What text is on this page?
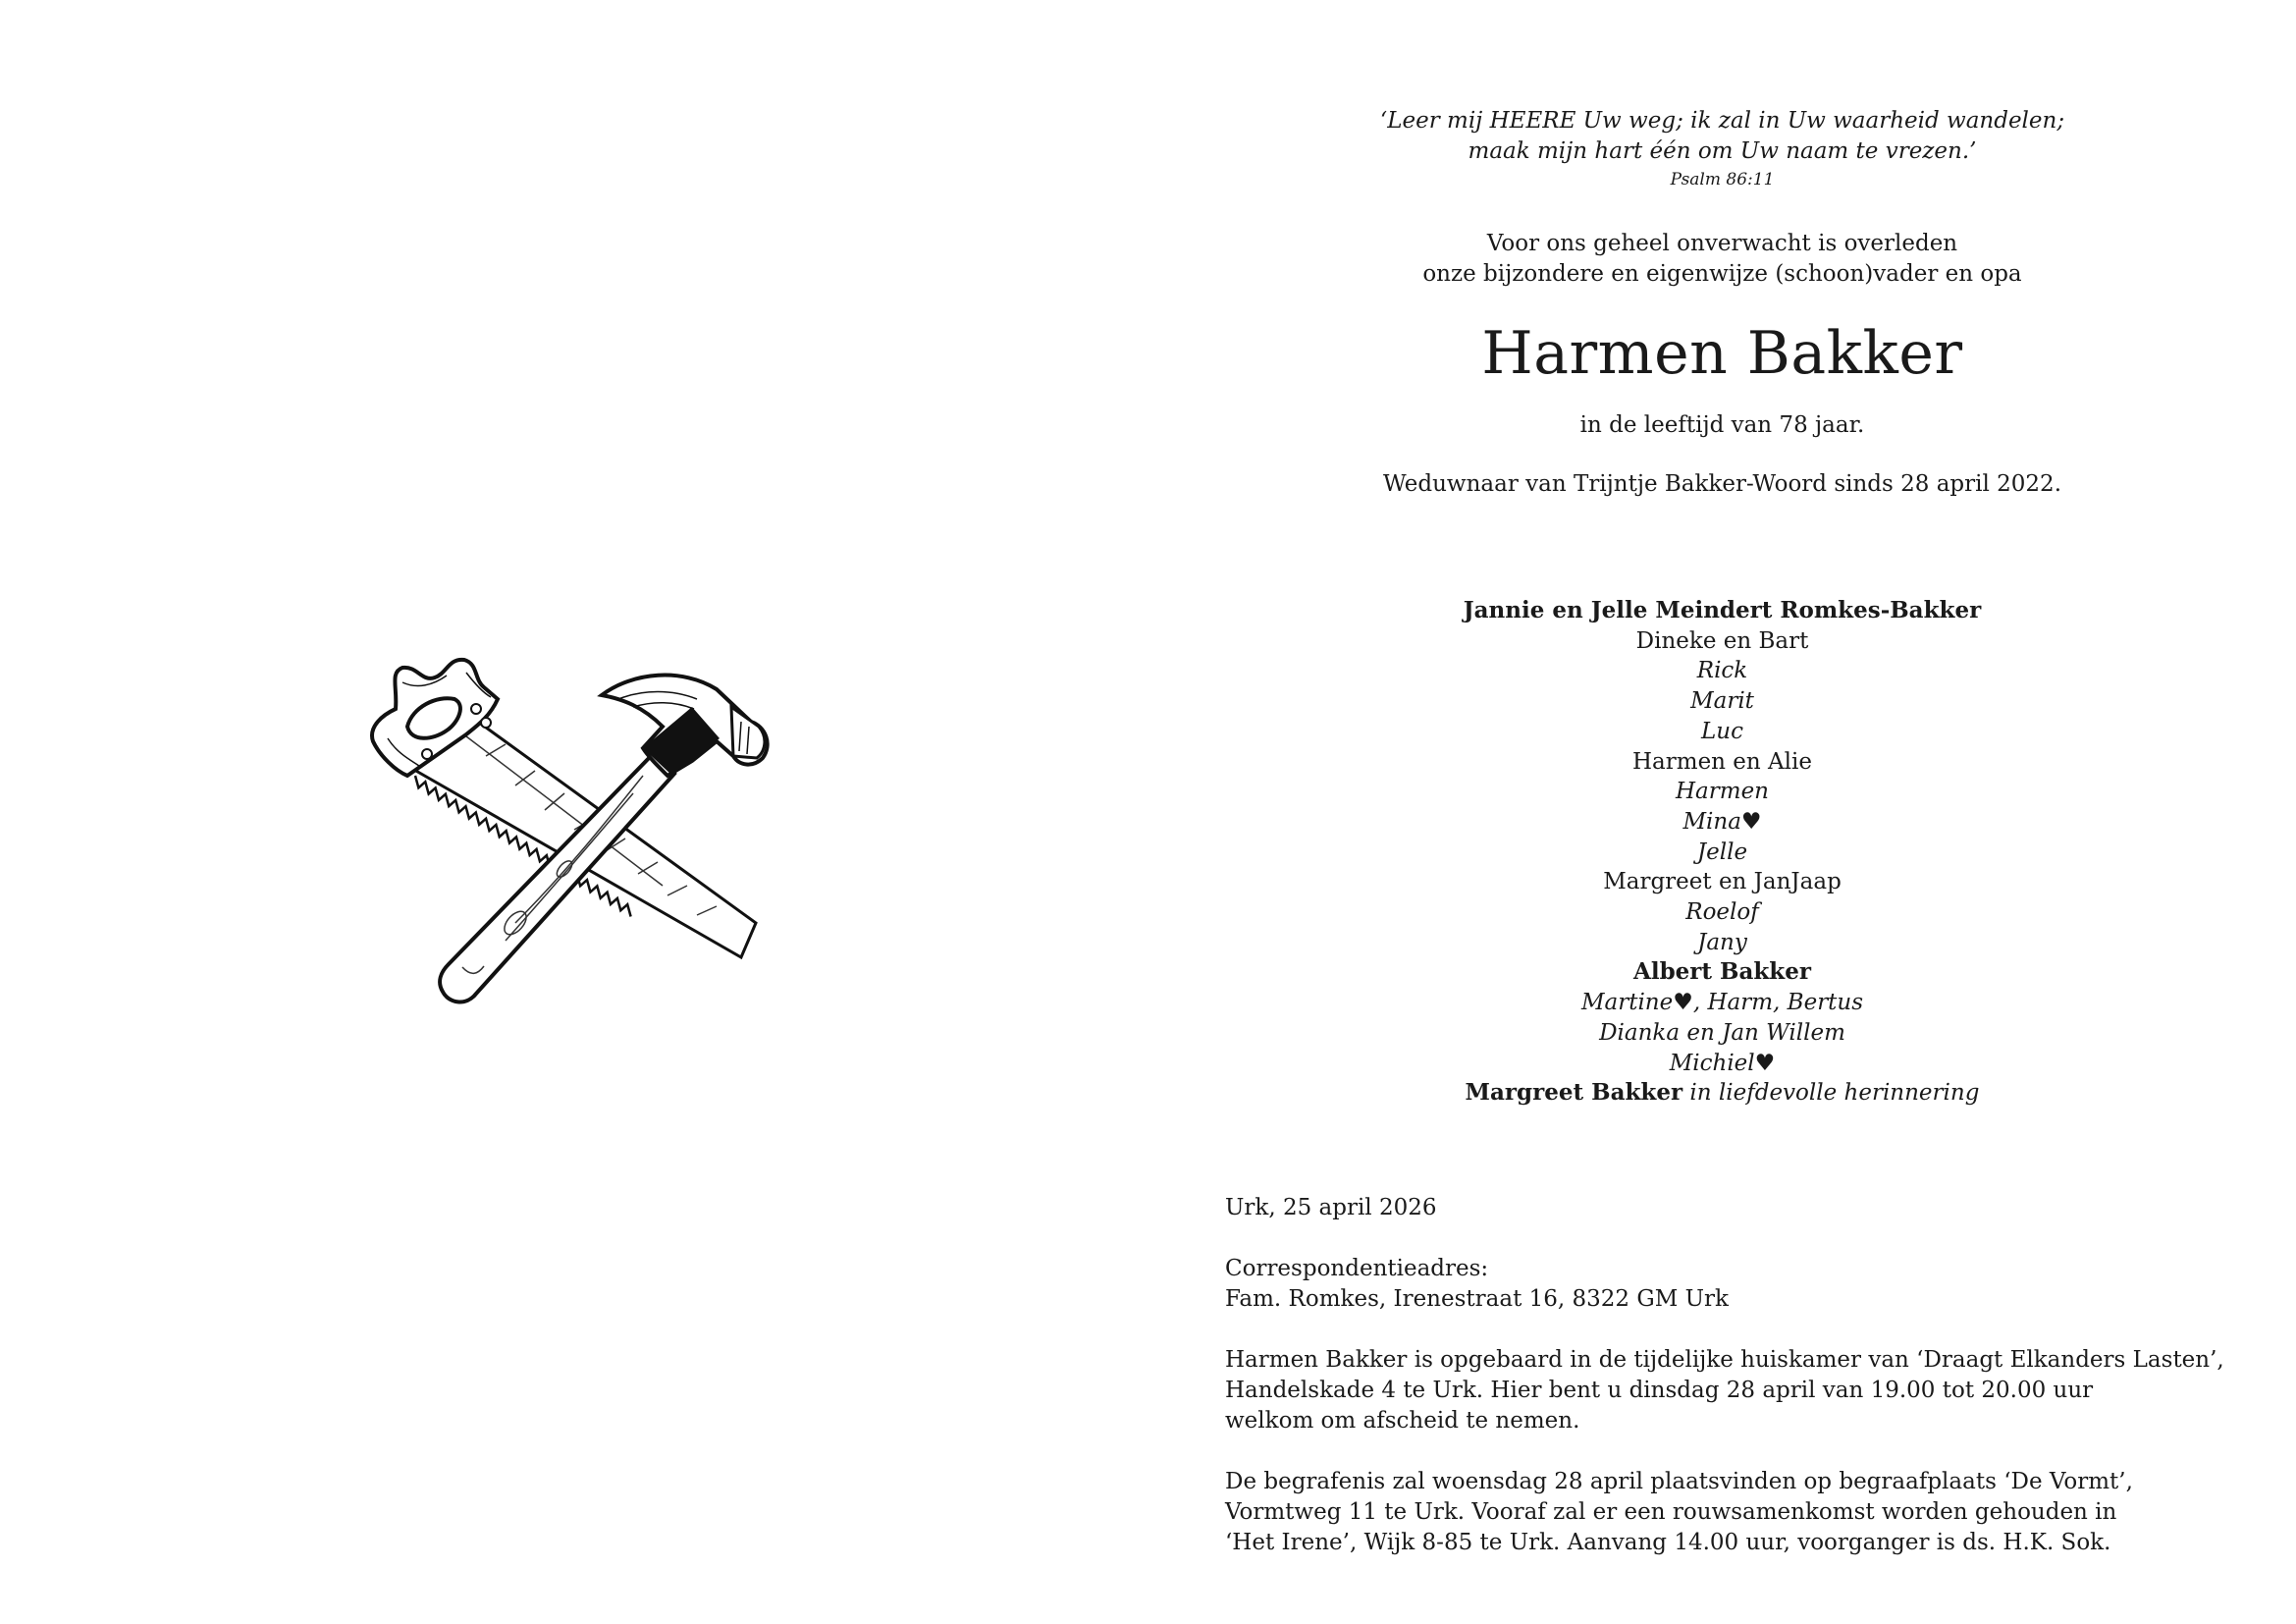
‘Leer mij HEERE Uw weg; ik zal in Uw waarheid wandelen;
maak mijn hart één om Uw naam te vrezen.’
Psalm 86:11
Voor ons geheel onverwacht is overleden
onze bijzondere en eigenwijze (schoon)vader en opa
Harmen Bakker
in de leeftijd van 78 jaar.
Weduwnaar van Trijntje Bakker-Woord sinds 28 april 2022.
Jannie en Jelle Meindert Romkes-Bakker
Dineke en Bart
Rick
Marit
Luc
Harmen en Alie
Harmen
Mina♥
Jelle
Margreet en JanJaap
Roelof
Jany
Albert Bakker
Martine♥, Harm, Bertus
Dianka en Jan Willem
Michiel♥
Margreet Bakker in liefdevolle herinnering

Urk, 25 april 2026

Correspondentieadres:
Fam. Romkes, Irenestraat 16, 8322 GM Urk

Harmen Bakker is opgebaard in de tijdelijke huiskamer van ‘Draagt Elkanders Lasten’,
Handelskade 4 te Urk. Hier bent u dinsdag 28 april van 19.00 tot 20.00 uur
welkom om afscheid te nemen.

De begrafenis zal woensdag 28 april plaatsvinden op begraafplaats ‘De Vormt’,
Vormtweg 11 te Urk. Vooraf zal er een rouwsamenkomst worden gehouden in
‘Het Irene’, Wijk 8-85 te Urk. Aanvang 14.00 uur, voorganger is ds. H.K. Sok.
